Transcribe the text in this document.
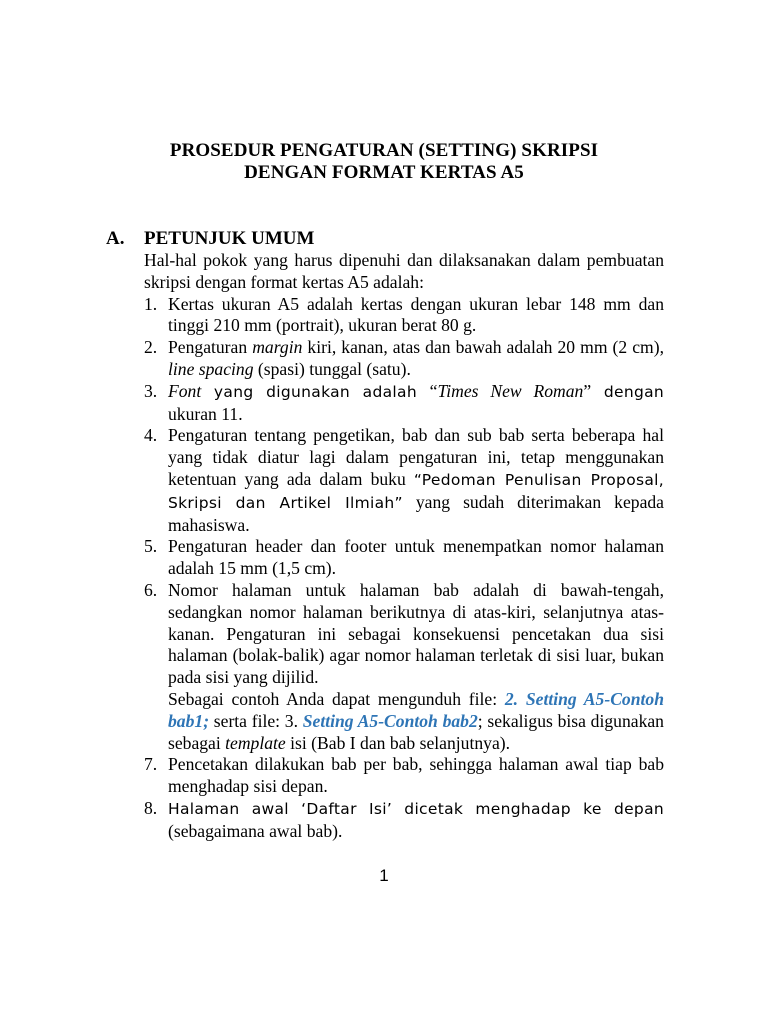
PROSEDUR PENGATURAN (SETTING) SKRIPSI
DENGAN FORMAT KERTAS A5
A. PETUNJUK UMUM

Hal-hal pokok yang harus dipenuhi dan dilaksanakan dalam pembuatan skripsi dengan format kertas A5 adalah:

1. Kertas ukuran A5 adalah kertas dengan ukuran lebar 148 mm dan tinggi 210 mm (portrait), ukuran berat 80 g.
2. Pengaturan margin kiri, kanan, atas dan bawah adalah 20 mm (2 cm), line spacing (spasi) tunggal (satu).
3. Font yang digunakan adalah “Times New Roman” dengan ukuran 11.
4. Pengaturan tentang pengetikan, bab dan sub bab serta beberapa hal yang tidak diatur lagi dalam pengaturan ini, tetap menggunakan ketentuan yang ada dalam buku “Pedoman Penulisan Proposal, Skripsi dan Artikel Ilmiah” yang sudah diterimakan kepada mahasiswa.
5. Pengaturan header dan footer untuk menempatkan nomor halaman adalah 15 mm (1,5 cm).
6. Nomor halaman untuk halaman bab adalah di bawah-tengah, sedangkan nomor halaman berikutnya di atas-kiri, selanjutnya atas-kanan. Pengaturan ini sebagai konsekuensi pencetakan dua sisi halaman (bolak-balik) agar nomor halaman terletak di sisi luar, bukan pada sisi yang dijilid.
Sebagai contoh Anda dapat mengunduh file: 2. Setting A5-Contoh bab1; serta file: 3. Setting A5-Contoh bab2; sekaligus bisa digunakan sebagai template isi (Bab I dan bab selanjutnya).
7. Pencetakan dilakukan bab per bab, sehingga halaman awal tiap bab menghadap sisi depan.
8. Halaman awal ‘Daftar Isi’ dicetak menghadap ke depan (sebagaimana awal bab).
1
